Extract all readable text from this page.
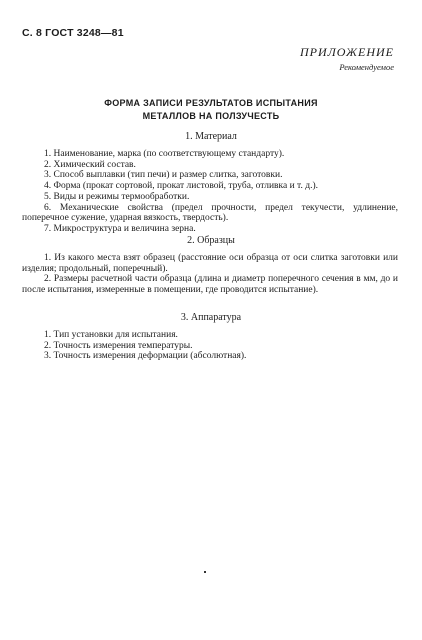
С. 8 ГОСТ 3248—81
ПРИЛОЖЕНИЕ
Рекомендуемое
ФОРМА ЗАПИСИ РЕЗУЛЬТАТОВ ИСПЫТАНИЯ
МЕТАЛЛОВ НА ПОЛЗУЧЕСТЬ
1. Материал

1. Наименование, марка (по соответствующему стандарту).

2. Химический состав.

3. Способ выплавки (тип печи) и размер слитка, заготовки.

4. Форма (прокат сортовой, прокат листовой, труба, отливка и т. д.).

5. Виды и режимы термообработки.

6. Механические свойства (предел прочности, предел текучести, удлинение, поперечное сужение, ударная вязкость, твердость).

7. Микроструктура и величина зерна.

2. Образцы

1. Из какого места взят образец (расстояние оси образца от оси слитка заготовки или изделия; продольный, поперечный).

2. Размеры расчетной части образца (длина и диаметр поперечного сечения в мм, до и после испытания, измеренные в помещении, где проводится испытание).

3. Аппаратура

1. Тип установки для испытания.

2. Точность измерения температуры.

3. Точность измерения деформации (абсолютная).
